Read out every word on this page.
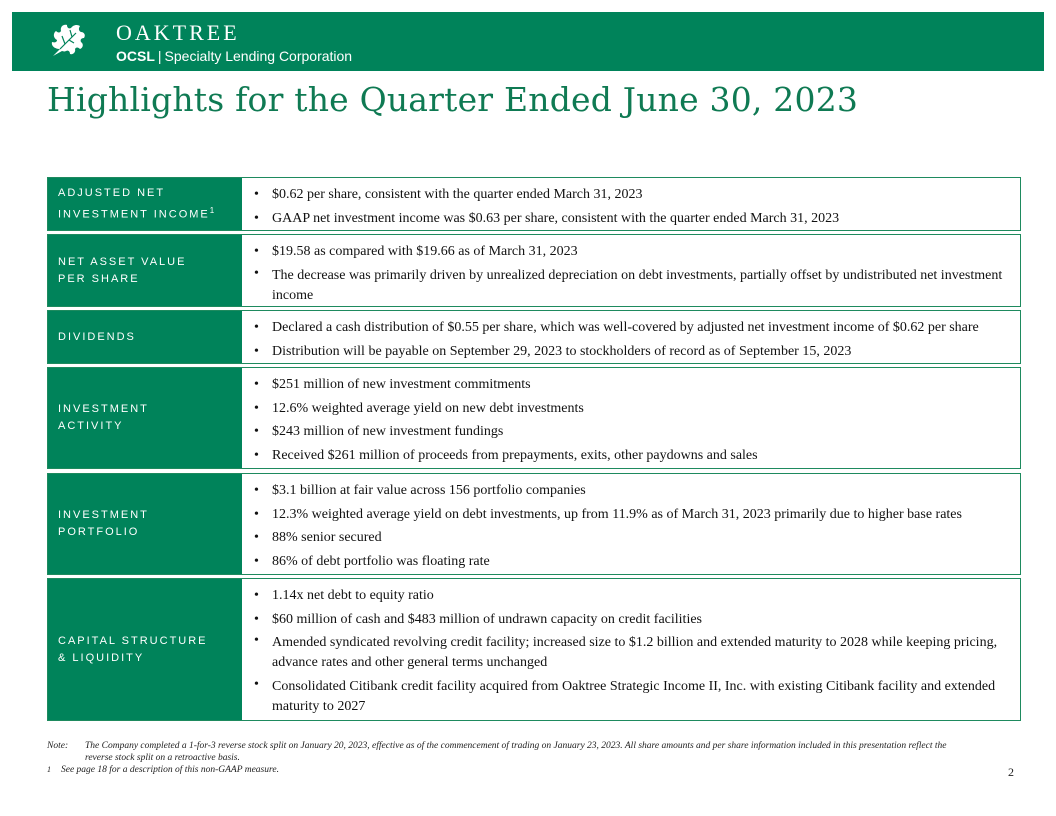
OAKTREE
OCSL | Specialty Lending Corporation
Highlights for the Quarter Ended June 30, 2023
ADJUSTED NET
INVESTMENT INCOME$^1$
• $0.62 per share, consistent with the quarter ended March 31, 2023
• GAAP net investment income was $0.63 per share, consistent with the quarter ended March 31, 2023
NET ASSET VALUE
PER SHARE
• $19.58 as compared with $19.66 as of March 31, 2023
• The decrease was primarily driven by unrealized depreciation on debt investments, partially offset by undistributed net investment income
DIVIDENDS
• Declared a cash distribution of $0.55 per share, which was well-covered by adjusted net investment income of $0.62 per share
• Distribution will be payable on September 29, 2023 to stockholders of record as of September 15, 2023
INVESTMENT
ACTIVITY
• $251 million of new investment commitments
• 12.6% weighted average yield on new debt investments
• $243 million of new investment fundings
• Received $261 million of proceeds from prepayments, exits, other paydowns and sales
INVESTMENT
PORTFOLIO
• $3.1 billion at fair value across 156 portfolio companies
• 12.3% weighted average yield on debt investments, up from 11.9% as of March 31, 2023 primarily due to higher base rates
• 88% senior secured
• 86% of debt portfolio was floating rate
CAPITAL STRUCTURE
& LIQUIDITY
• 1.14x net debt to equity ratio
• $60 million of cash and $483 million of undrawn capacity on credit facilities
• Amended syndicated revolving credit facility; increased size to $1.2 billion and extended maturity to 2028 while keeping pricing, advance rates and other general terms unchanged
• Consolidated Citibank credit facility acquired from Oaktree Strategic Income II, Inc. with existing Citibank facility and extended maturity to 2027
Note:	The Company completed a 1-for-3 reverse stock split on January 20, 2023, effective as of the commencement of trading on January 23, 2023. All share amounts and per share information included in this presentation reflect the reverse stock split on a retroactive basis.
1	See page 18 for a description of this non-GAAP measure.	2
